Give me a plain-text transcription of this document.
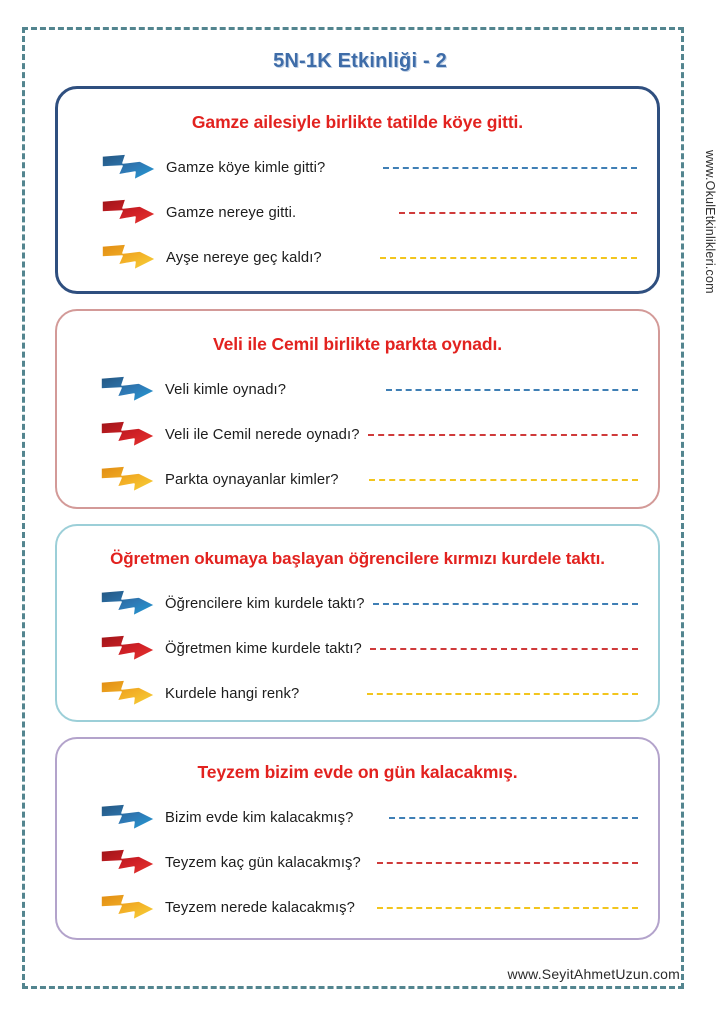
5N-1K Etkinliği - 2
www.OkulEtkinlikleri.com
www.SeyitAhmetUzun.com
Gamze ailesiyle birlikte tatilde köye gitti.
Gamze köye kimle gitti?
Gamze nereye gitti.
Ayşe nereye geç kaldı?
Veli ile Cemil birlikte parkta oynadı.
Veli kimle oynadı?
Veli ile Cemil nerede oynadı?
Parkta oynayanlar kimler?
Öğretmen okumaya başlayan öğrencilere kırmızı kurdele taktı.
Öğrencilere kim kurdele taktı?
Öğretmen kime kurdele taktı?
Kurdele hangi renk?
Teyzem bizim evde on gün kalacakmış.
Bizim evde kim kalacakmış?
Teyzem kaç gün kalacakmış?
Teyzem nerede kalacakmış?
